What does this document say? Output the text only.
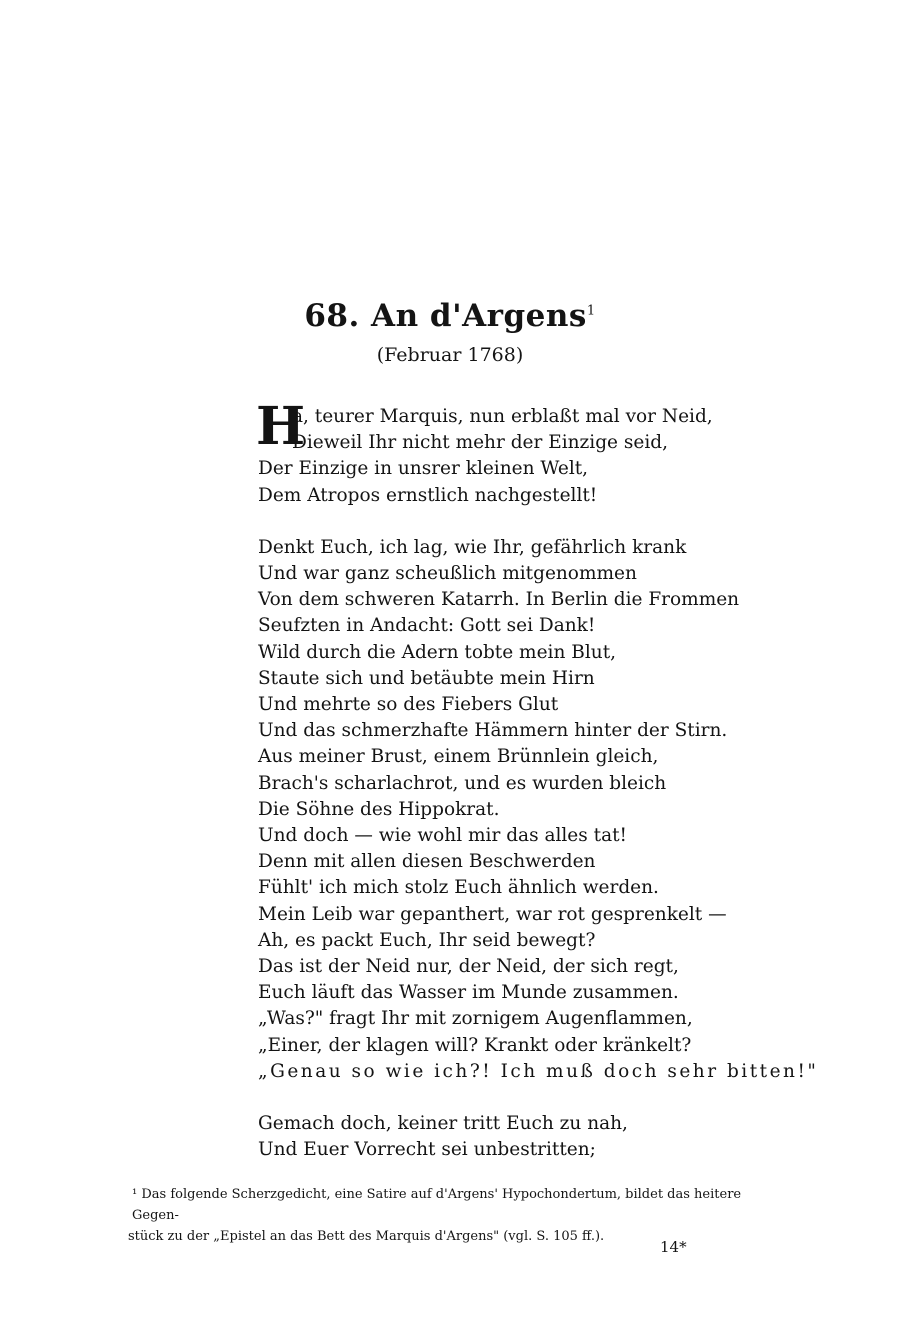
68. An d'Argens$^1$
(Februar 1768)
H
a, teurer Marquis, nun erblaßt mal vor Neid,
Dieweil Ihr nicht mehr der Einzige seid,
Der Einzige in unsrer kleinen Welt,
Dem Atropos ernstlich nachgestellt!
Denkt Euch, ich lag, wie Ihr, gefährlich krank
Und war ganz scheußlich mitgenommen
Von dem schweren Katarrh. In Berlin die Frommen
Seufzten in Andacht: Gott sei Dank!
Wild durch die Adern tobte mein Blut,
Staute sich und betäubte mein Hirn
Und mehrte so des Fiebers Glut
Und das schmerzhafte Hämmern hinter der Stirn.
Aus meiner Brust, einem Brünnlein gleich,
Brach's scharlachrot, und es wurden bleich
Die Söhne des Hippokrat.
Und doch — wie wohl mir das alles tat!
Denn mit allen diesen Beschwerden
Fühlt' ich mich stolz Euch ähnlich werden.
Mein Leib war gepanthert, war rot gesprenkelt —
Ah, es packt Euch, Ihr seid bewegt?
Das ist der Neid nur, der Neid, der sich regt,
Euch läuft das Wasser im Munde zusammen.
„Was?" fragt Ihr mit zornigem Augenflammen,
„Einer, der klagen will? Krankt oder kränkelt?
„Genau so wie ich?! Ich muß doch sehr bitten!"
Gemach doch, keiner tritt Euch zu nah,
Und Euer Vorrecht sei unbestritten;
¹ Das folgende Scherzgedicht, eine Satire auf d'Argens' Hypochondertum, bildet das heitere Gegen-
stück zu der „Epistel an das Bett des Marquis d'Argens" (vgl. S. 105 ff.).
14*
